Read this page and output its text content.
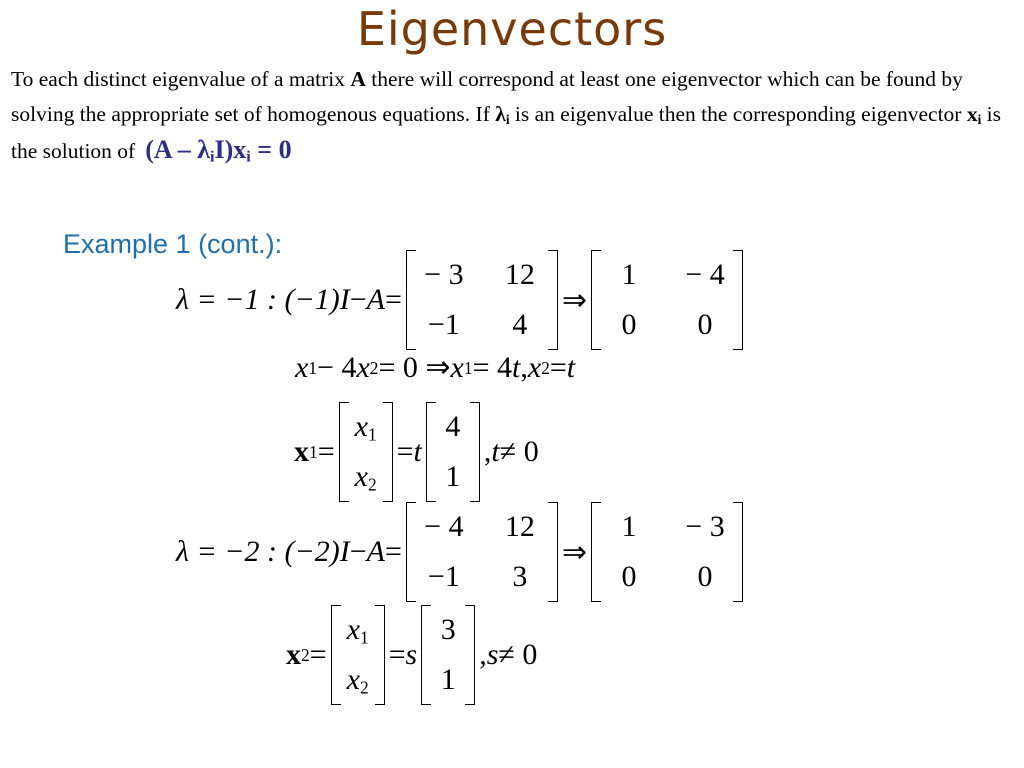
Eigenvectors
To each distinct eigenvalue of a matrix A there will correspond at least one eigenvector which can be found by solving the appropriate set of homogenous equations. If $\lambda_i$ is an eigenvalue then the corresponding eigenvector $x_i$ is the solution of $(A - \lambda_iI)x_i = 0$
Example 1 (cont.):
λ = −1 : (−1) I − A =
− 3	12
−1	4
⇒
1	− 4
0	0
x 1 − 4 x 2 = 0 ⇒ x 1 = 4 t , x 2 = t
x 1 =
$x_1$
$x_2$
= t
4
1
, t ≠ 0
λ = −2 : (−2) I − A =
− 4	12
−1	3
⇒
1	− 3
0	0
x 2 =
$x_1$
$x_2$
= s
3
1
, s ≠ 0
